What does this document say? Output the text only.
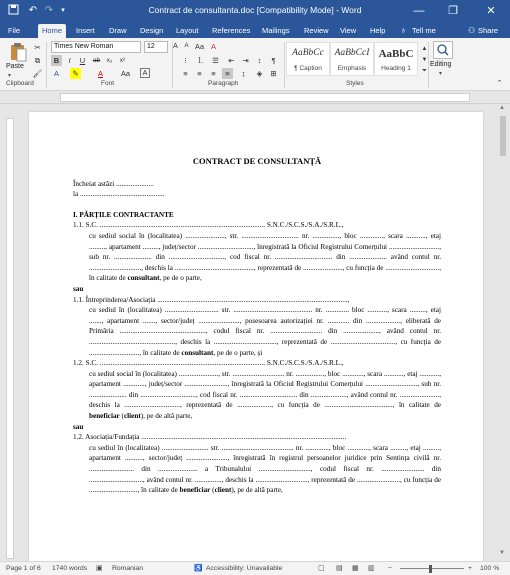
↶ ↷	▾	Contract de consultanta.doc [Compatibility Mode] - Word	—	❐	✕
File	Home	Insert	Draw	Design	Layout	References	Mailings	Review	View	Help	♁ Tell me	⚇ Share
Paste
▾
✂
⧉
🖌
Clipboard
Times New Roman	12	A	A Aa A
B	I	U	ab	x₂	x²
A	✎	A	Aa	A
Font
⁝	⒈ ☰	⇤	⇥	↕	¶
≡	≡	≡	≡	↨	◈	⊞
Paragraph
AaBbCc
¶ Caption
AaBbCcI
Emphasis
AaBbC
Heading 1
▲
▼
⏷
Styles
Editing
▾
⌃

CONTRACT DE CONSULTANȚĂ

Încheiat astăzi .....................

la ...............................................

I. PĂRȚILE CONTRACTANTE

1.1. S.C. ............................................................................................ S.N.C./S.C.S./S.A./S.R.L.,

cu sediul social în (localitatea) ......................, str. ................................ nr. ..............., bloc ............., scara ..........., etaj ........., apartament ........., județ/sector ..............................., înregistrată la Oficiul Registrului Comerțului ............................, sub nr. ..................... din ..............................., cod fiscal nr. ................................ din ..................... având contul nr. ............................., deschis la ............................................, reprezentată de ......................, cu funcția de .............................., în calitate de consultant, pe de o parte,

sau

1.1. Întreprinderea/Asociația ..........................................................................................................,

cu sediul în (localitatea) .............................. str. ............................................ nr. ............. bloc ..........., scara ........., etaj ......., apartament ......., sector/județ ......................., posesoarea autorizației nr. ............ din ..................., eliberată de Primăria ................................................, codul fiscal nr. ............................. din ...................., având contul nr. ................................................, deschis la ..................................., reprezentată de ...................................., cu funcția de ............................, în calitate de consultant, pe de o parte, și

1.2. S.C. ............................................................................................ S.N.C./S.C.S./S.A./S.R.L.,

cu sediul social în (localitatea) ......................, str. ............................. nr. ................, bloc ............, scara ..........., etaj ..........., apartament ............, județ/sector ........................, înregistrată la Oficiul Registrului Comerțului ............................., sub nr. ..................... din ..............................., cod fiscal nr. ................................ din ...................., având contul nr. ......................, deschis la ..............................., reprezentată de ..................., cu funcția de ......................................, în calitate de beneficiar (client), pe de altă parte,

sau

1.2. Asociația/Fundația ..................................................................................................................

cu sediul în (localitatea) .......................... str. ........................................ nr. ............., bloc ............, scara ........., etaj ........., apartament .........., sector/județ ......................., înregistrată în registrul persoanelor juridice prin Sentința civilă nr. ......................... din ...................... a Tribunalului ............................., codul fiscal nr. ........................ din .............................., având contul nr. ..............., deschis la ............................., reprezentată de ........................, cu funcția de ..........................., în calitate de beneficiar (client), pe de altă parte,

▲
▼
Page 1 of 6 1740 words ▣ Romanian	♿ Accessibility: Unavailable	▢ ▤ ▦ ▥ −	+ 100 %
